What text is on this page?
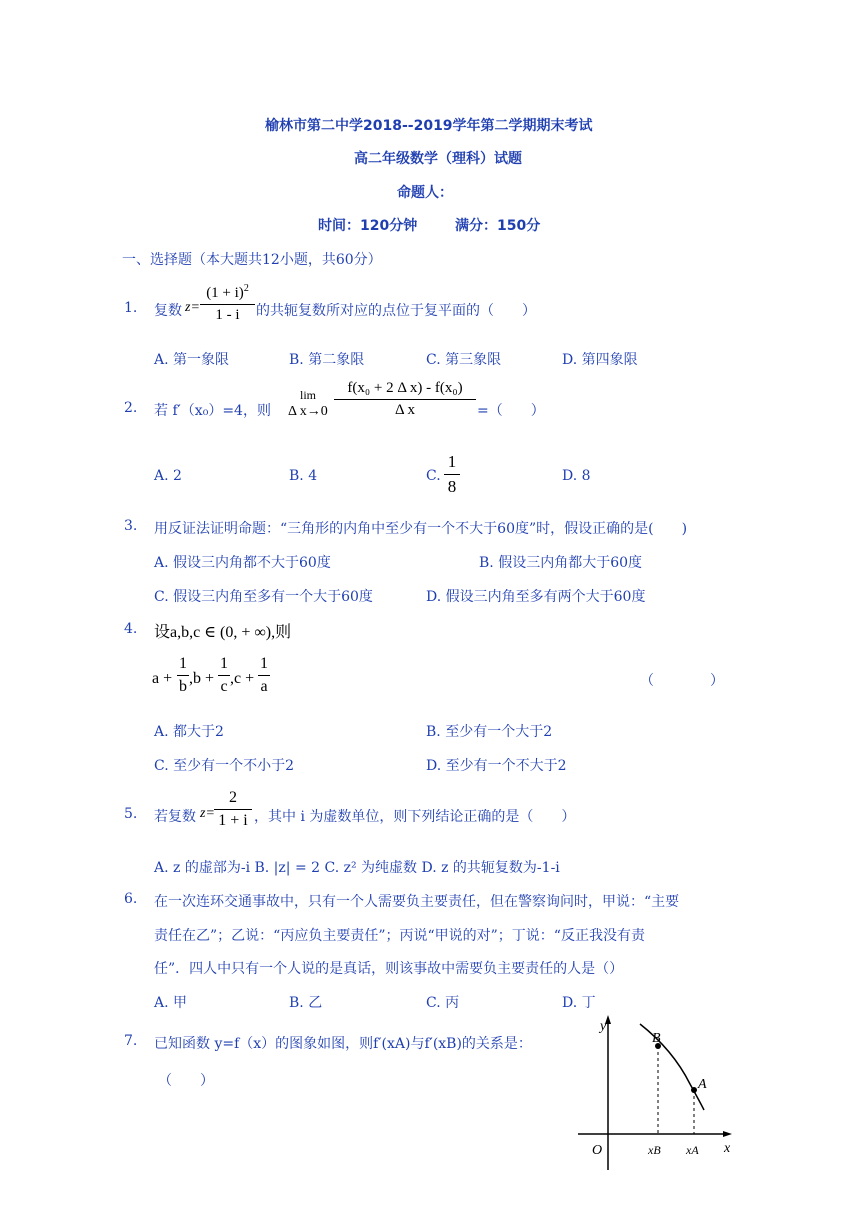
榆林市第二中学2018--2019学年第二学期期末考试
高二年级数学（理科）试题
命题人：
时间：120分钟	满分：150分
一、选择题（本大题共12小题，共60分）
1. 复数 z=
$(1 + i)^2$
1 - i	的共轭复数所对应的点位于复平面的（　　）
A. 第一象限	B. 第二象限	C. 第三象限	D. 第四象限
2. 若 f′（x₀）=4，则
lim
Δ x→0
f(x₀ + 2 Δ x) - f(x₀)
Δ x	=（　　）
A. 2	B. 4	C.
1
8
D. 8
3. 用反证法证明命题：“三角形的内角中至少有一个不大于60度”时，假设正确的是(　　)
A. 假设三内角都不大于60度	B. 假设三内角都大于60度
C. 假设三内角至多有一个大于60度	D. 假设三内角至多有两个大于60度
4. 设a,b,c ∈ (0, + ∞),则
a +
1
b ,b +
1
c ,c +
1
a	（　　　　）
A. 都大于2	B. 至少有一个大于2
C. 至少有一个不小于2	D. 至少有一个不大于2
5. 若复数 z=
2
1 + i ，其中 i 为虚数单位，则下列结论正确的是（　　）
A. z 的虚部为-i B. |z| = 2 C. z² 为纯虚数 D. z 的共轭复数为-1-i
6. 在一次连环交通事故中，只有一个人需要负主要责任，但在警察询问时，甲说：“主要
责任在乙”；乙说：“丙应负主要责任”；丙说“甲说的对”；丁说：“反正我没有责
任”．四人中只有一个人说的是真话，则该事故中需要负主要责任的人是（）
A. 甲	B. 乙	C. 丙	D. 丁
7. 已知函数 y=f（x）的图象如图，则f′(xA)与f′(xB)的关系是：
（　　）
y
x
O
B
A
xB xA
